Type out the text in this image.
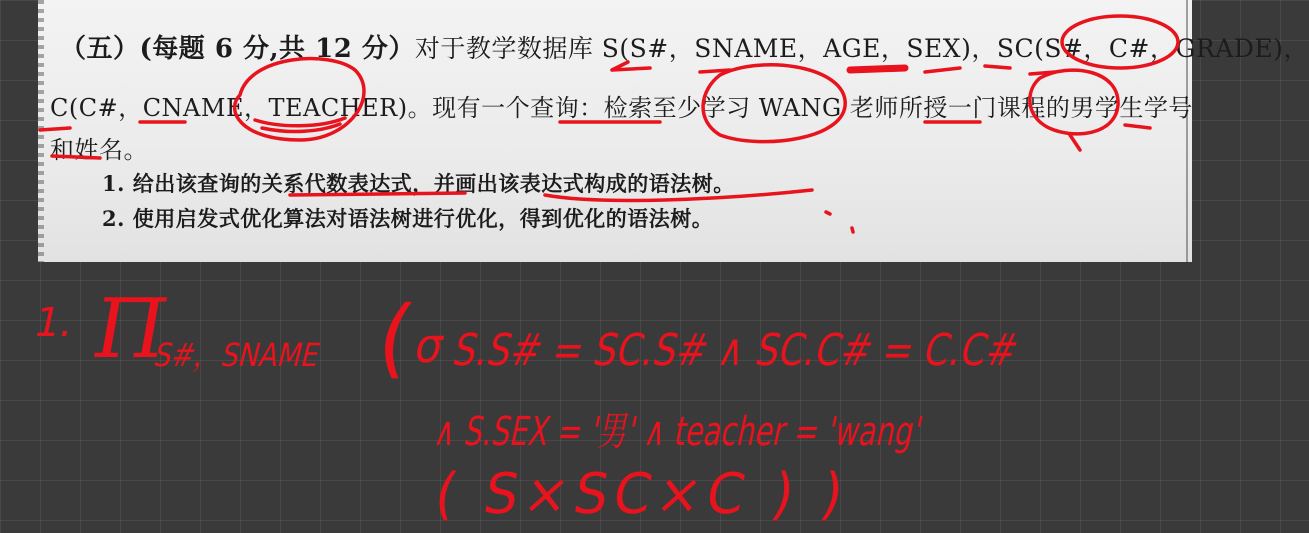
（五）(每题 6 分,共 12 分）对于教学数据库 S(S#，SNAME，AGE，SEX)，SC(S#，C#，GRADE)，
C(C#，CNAME，TEACHER)。现有一个查询：检索至少学习 WANG 老师所授一门课程的男学生学号
和姓名。
1. 给出该查询的关系代数表达式，并画出该表达式构成的语法树。
2. 使用启发式优化算法对语法树进行优化，得到优化的语法树。
1. Π
S#，SNAME (
σ
S.S# = SC.S# ∧ SC.C# = C.C#
∧ S.SEX = '男' ∧ teacher = 'wang'
( S×SC×C ) )
